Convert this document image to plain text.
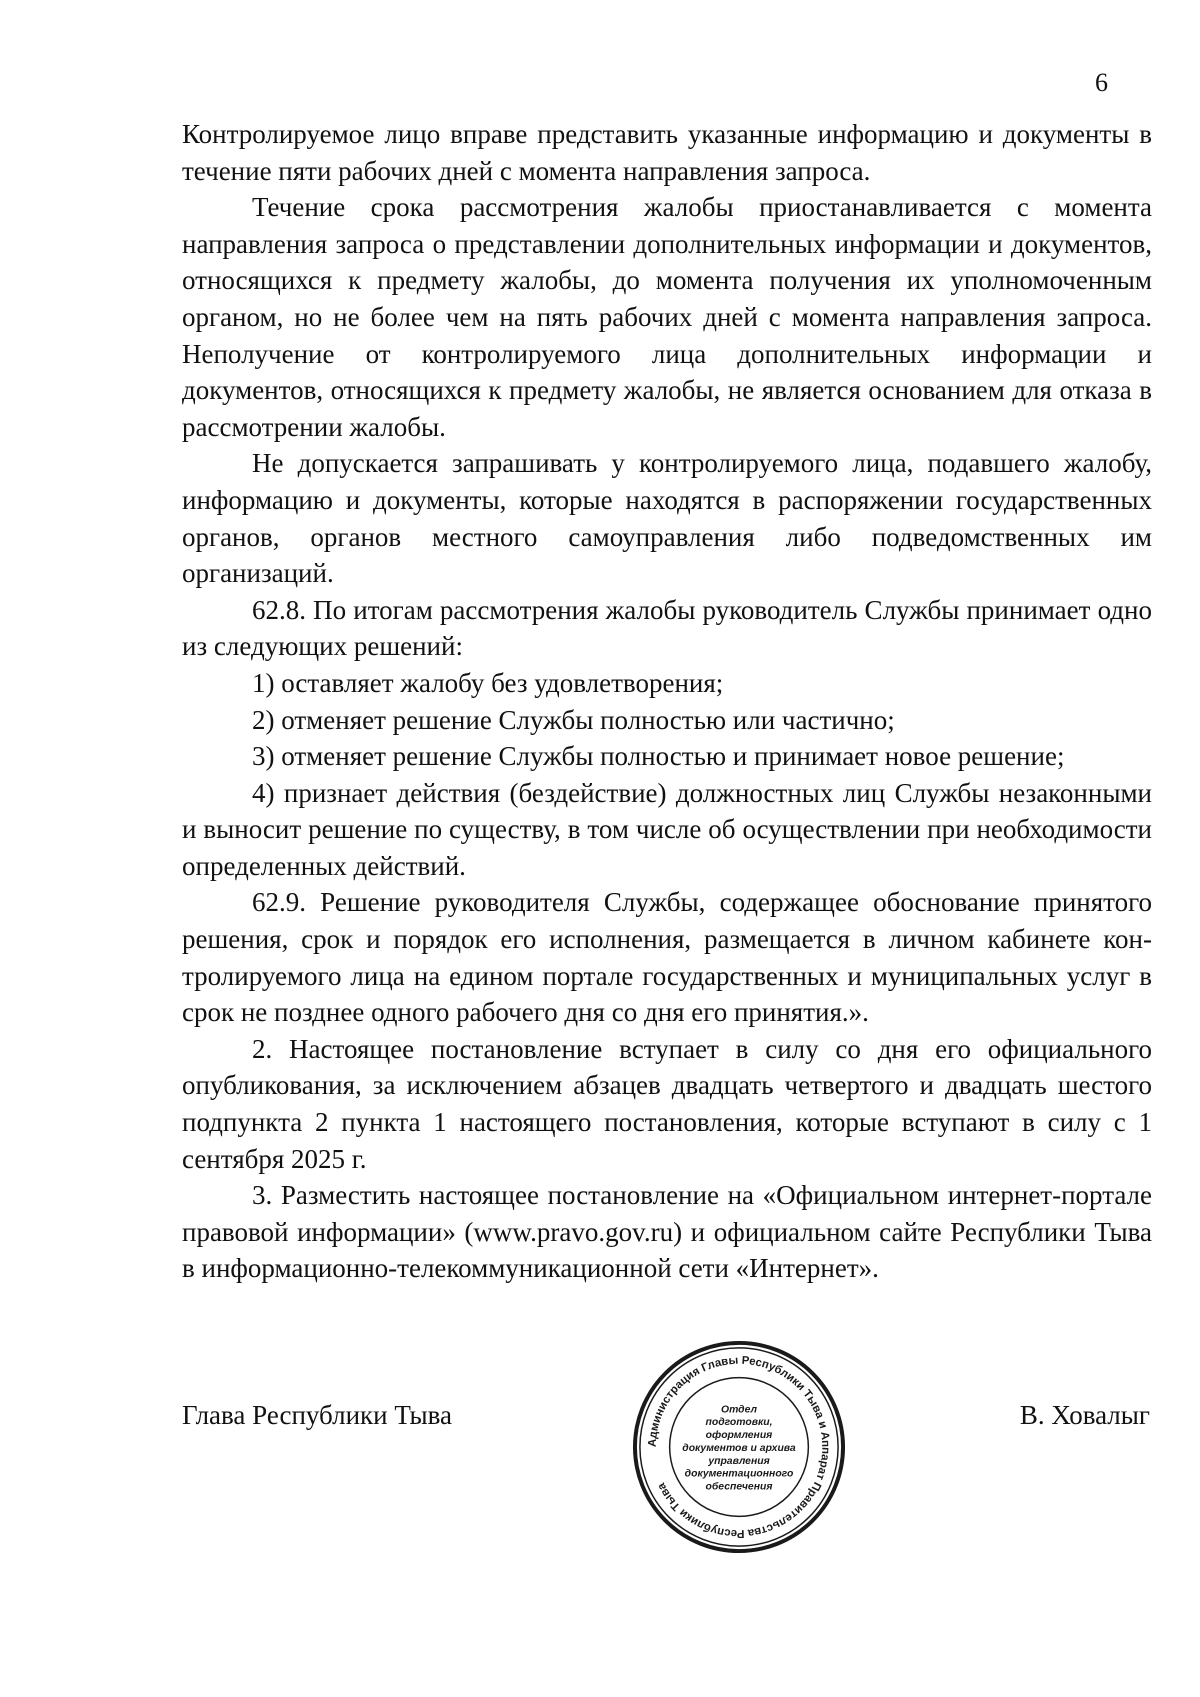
6

Контролируемое лицо вправе представить указанные информацию и документы в течение пяти рабочих дней с момента направления запроса.

Течение срока рассмотрения жалобы приостанавливается с момента направления запроса о представлении дополнительных информации и документов, относящихся к предмету жалобы, до момента получения их уполномоченным органом, но не более чем на пять рабочих дней с момента направления запроса. Неполучение от контролируемого лица дополнительных информации и документов, относящихся к предмету жалобы, не является основанием для отказа в рассмотрении жалобы.

Не допускается запрашивать у контролируемого лица, подавшего жалобу, информацию и документы, которые находятся в распоряжении государственных органов, органов местного самоуправления либо подведомственных им организаций.

62.8. По итогам рассмотрения жалобы руководитель Службы принимает одно из следующих решений:

1) оставляет жалобу без удовлетворения;

2) отменяет решение Службы полностью или частично;

3) отменяет решение Службы полностью и принимает новое решение;

4) признает действия (бездействие) должностных лиц Службы незаконными и выносит решение по существу, в том числе об осуществлении при необходимости определенных действий.

62.9. Решение руководителя Службы, содержащее обоснование принятого решения, срок и порядок его исполнения, размещается в личном кабинете контролируемого лица на едином портале государственных и муниципальных услуг в срок не позднее одного рабочего дня со дня его принятия.».

2. Настоящее постановление вступает в силу со дня его официального опубликования, за исключением абзацев двадцать четвертого и двадцать шестого подпункта 2 пункта 1 настоящего постановления, которые вступают в силу с 1 сентября 2025 г.

3. Разместить настоящее постановление на «Официальном интернет-портале правовой информации» (www.pravo.gov.ru) и официальном сайте Республики Тыва в информационно-телекоммуникационной сети «Интернет».

Глава Республики Тыва	В. Ховалыг
Администрация Главы Республики Тыва и Аппарат Правительства Республики Тыва
Отдел
подготовки,
оформления
документов и архива
управления
документационного
обеспечения
